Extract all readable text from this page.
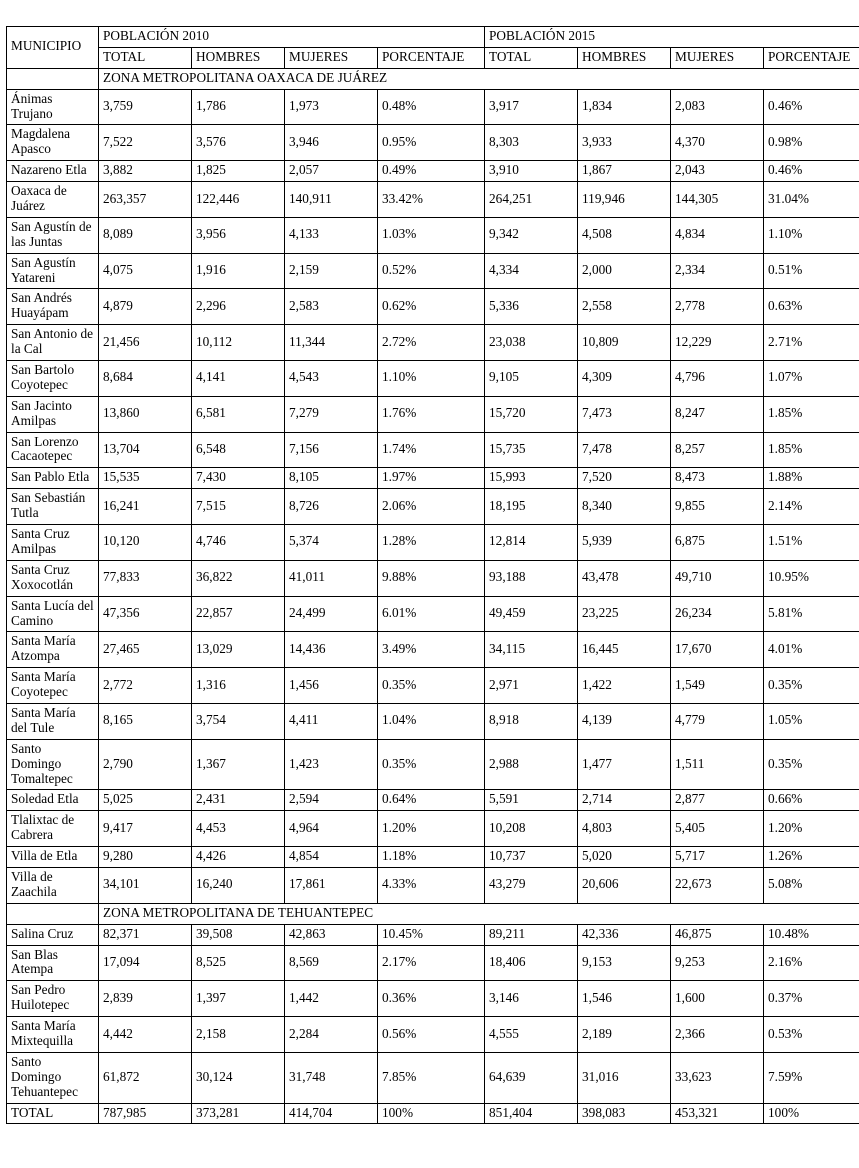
MUNICIPIO	POBLACIÓN 2010				POBLACIÓN 2015			
	TOTAL	HOMBRES	MUJERES	PORCENTAJE	TOTAL	HOMBRES	MUJERES	PORCENTAJE
	ZONA METROPOLITANA OAXACA DE JUÁREZ							
Ánimas Trujano	3,759	1,786	1,973	0.48%	3,917	1,834	2,083	0.46%
Magdalena Apasco	7,522	3,576	3,946	0.95%	8,303	3,933	4,370	0.98%
Nazareno Etla	3,882	1,825	2,057	0.49%	3,910	1,867	2,043	0.46%
Oaxaca de Juárez	263,357	122,446	140,911	33.42%	264,251	119,946	144,305	31.04%
San Agustín de las Juntas	8,089	3,956	4,133	1.03%	9,342	4,508	4,834	1.10%
San Agustín Yatareni	4,075	1,916	2,159	0.52%	4,334	2,000	2,334	0.51%
San Andrés Huayápam	4,879	2,296	2,583	0.62%	5,336	2,558	2,778	0.63%
San Antonio de la Cal	21,456	10,112	11,344	2.72%	23,038	10,809	12,229	2.71%
San Bartolo Coyotepec	8,684	4,141	4,543	1.10%	9,105	4,309	4,796	1.07%
San Jacinto Amilpas	13,860	6,581	7,279	1.76%	15,720	7,473	8,247	1.85%
San Lorenzo Cacaotepec	13,704	6,548	7,156	1.74%	15,735	7,478	8,257	1.85%
San Pablo Etla	15,535	7,430	8,105	1.97%	15,993	7,520	8,473	1.88%
San Sebastián Tutla	16,241	7,515	8,726	2.06%	18,195	8,340	9,855	2.14%
Santa Cruz Amilpas	10,120	4,746	5,374	1.28%	12,814	5,939	6,875	1.51%
Santa Cruz Xoxocotlán	77,833	36,822	41,011	9.88%	93,188	43,478	49,710	10.95%
Santa Lucía del Camino	47,356	22,857	24,499	6.01%	49,459	23,225	26,234	5.81%
Santa María Atzompa	27,465	13,029	14,436	3.49%	34,115	16,445	17,670	4.01%
Santa María Coyotepec	2,772	1,316	1,456	0.35%	2,971	1,422	1,549	0.35%
Santa María del Tule	8,165	3,754	4,411	1.04%	8,918	4,139	4,779	1.05%
Santo Domingo Tomaltepec	2,790	1,367	1,423	0.35%	2,988	1,477	1,511	0.35%
Soledad Etla	5,025	2,431	2,594	0.64%	5,591	2,714	2,877	0.66%
Tlalixtac de Cabrera	9,417	4,453	4,964	1.20%	10,208	4,803	5,405	1.20%
Villa de Etla	9,280	4,426	4,854	1.18%	10,737	5,020	5,717	1.26%
Villa de Zaachila	34,101	16,240	17,861	4.33%	43,279	20,606	22,673	5.08%
	ZONA METROPOLITANA DE TEHUANTEPEC							
Salina Cruz	82,371	39,508	42,863	10.45%	89,211	42,336	46,875	10.48%
San Blas Atempa	17,094	8,525	8,569	2.17%	18,406	9,153	9,253	2.16%
San Pedro Huilotepec	2,839	1,397	1,442	0.36%	3,146	1,546	1,600	0.37%
Santa María Mixtequilla	4,442	2,158	2,284	0.56%	4,555	2,189	2,366	0.53%
Santo Domingo Tehuantepec	61,872	30,124	31,748	7.85%	64,639	31,016	33,623	7.59%
TOTAL	787,985	373,281	414,704	100%	851,404	398,083	453,321	100%
